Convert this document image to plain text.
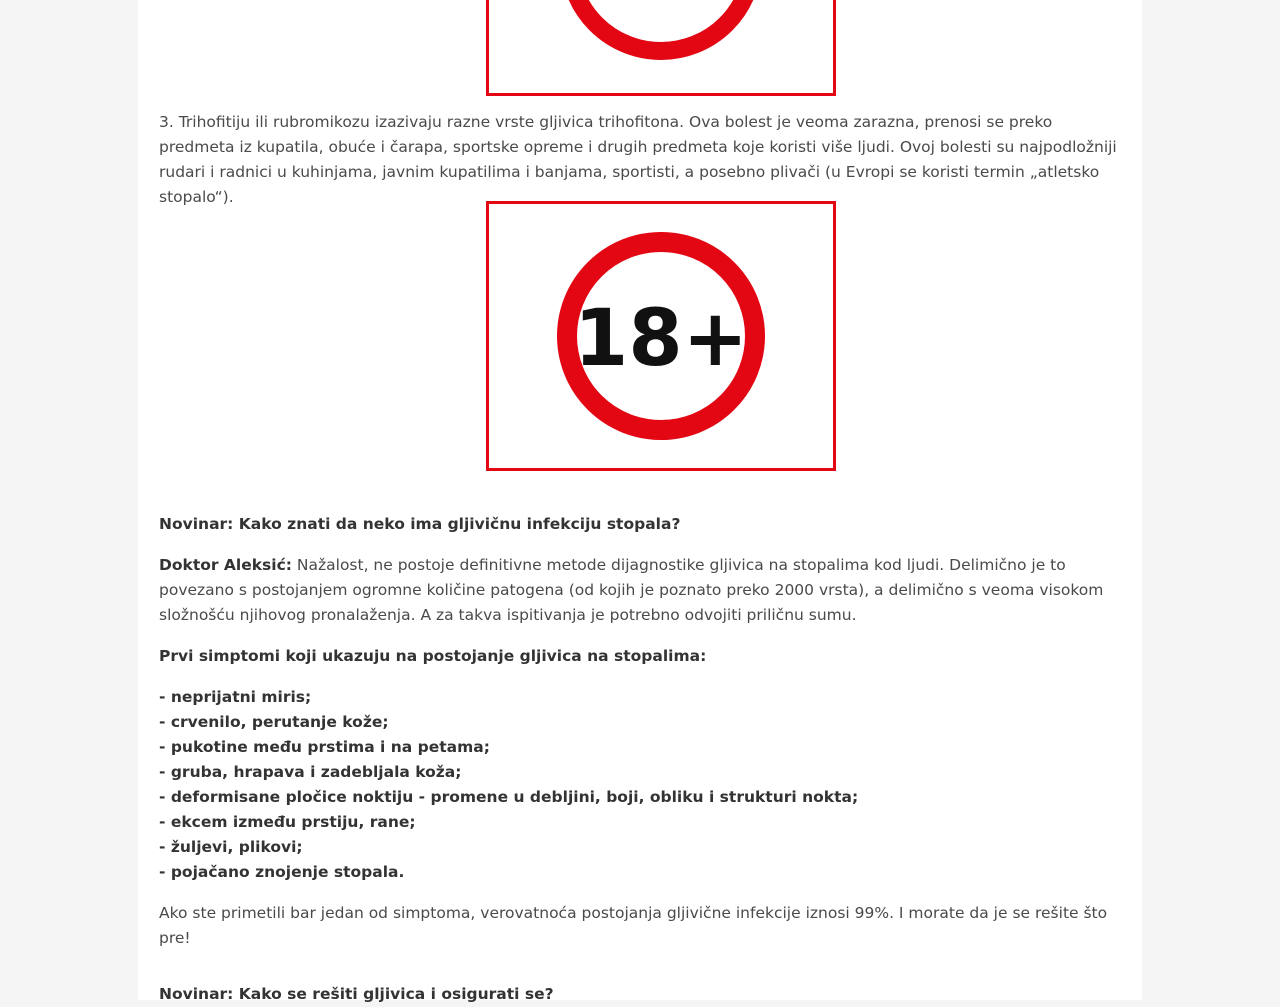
3. Trihofitiju ili rubromikozu izazivaju razne vrste gljivica trihofitona. Ova bolest je veoma zarazna, prenosi se preko predmeta iz kupatila, obuće i čarapa, sportske opreme i drugih predmeta koje koristi više ljudi. Ovoj bolesti su najpodložniji rudari i radnici u kuhinjama, javnim kupatilima i banjama, sportisti, a posebno plivači (u Evropi se koristi termin „atletsko stopalo“).

18+

Novinar: Kako znati da neko ima gljivičnu infekciju stopala?

Doktor Aleksić: Nažalost, ne postoje definitivne metode dijagnostike gljivica na stopalima kod ljudi. Delimično je to povezano s postojanjem ogromne količine patogena (od kojih je poznato preko 2000 vrsta), a delimično s veoma visokom složnošću njihovog pronalaženja. A za takva ispitivanja je potrebno odvojiti priličnu sumu.

Prvi simptomi koji ukazuju na postojanje gljivica na stopalima:

- neprijatni miris;
- crvenilo, perutanje kože;
- pukotine među prstima i na petama;
- gruba, hrapava i zadebljala koža;
- deformisane pločice noktiju - promene u debljini, boji, obliku i strukturi nokta;
- ekcem između prstiju, rane;
- žuljevi, plikovi;
- pojačano znojenje stopala.

Ako ste primetili bar jedan od simptoma, verovatnoća postojanja gljivične infekcije iznosi 99%. I morate da je se rešite što pre!

Novinar: Kako se rešiti gljivica i osigurati se?
